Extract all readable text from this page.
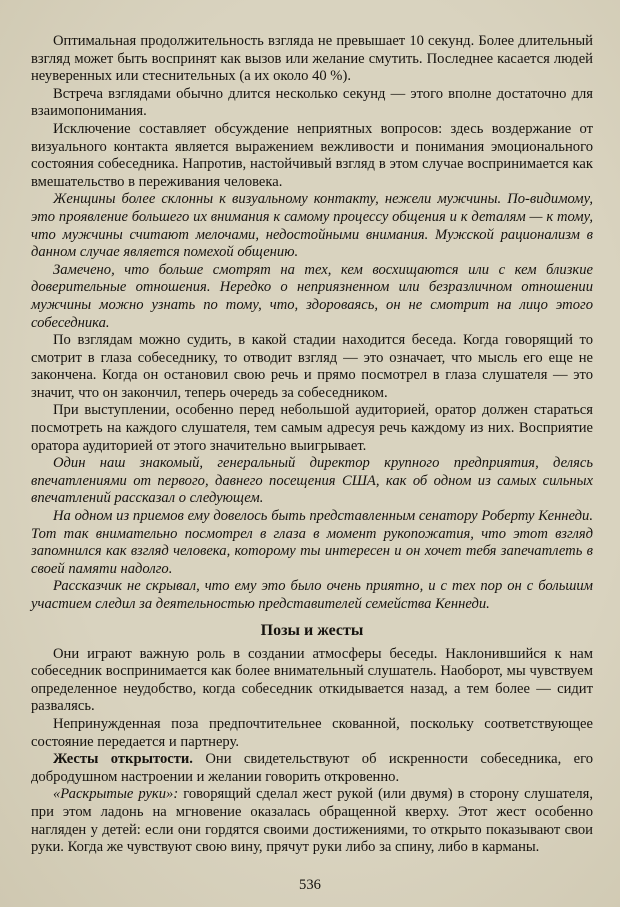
Оптимальная продолжительность взгляда не превышает 10 секунд. Более длительный взгляд может быть воспринят как вызов или желание смутить. Последнее касается людей неуверенных или стеснительных (а их около 40 %).

Встреча взглядами обычно длится несколько секунд — этого вполне достаточно для взаимопонимания.

Исключение составляет обсуждение неприятных вопросов: здесь воздержание от визуального контакта является выражением вежливости и понимания эмоционального состояния собеседника. Напротив, настойчивый взгляд в этом случае воспринимается как вмешательство в переживания человека.

Женщины более склонны к визуальному контакту, нежели мужчины. По-видимому, это проявление большего их внимания к самому процессу общения и к деталям — к тому, что мужчины считают мелочами, недостойными внимания. Мужской рационализм в данном случае является помехой общению.

Замечено, что больше смотрят на тех, кем восхищаются или с кем близкие доверительные отношения. Нередко о неприязненном или безразличном отношении мужчины можно узнать по тому, что, здороваясь, он не смотрит на лицо этого собеседника.

По взглядам можно судить, в какой стадии находится беседа. Когда говорящий то смотрит в глаза собеседнику, то отводит взгляд — это означает, что мысль его еще не закончена. Когда он остановил свою речь и прямо посмотрел в глаза слушателя — это значит, что он закончил, теперь очередь за собеседником.

При выступлении, особенно перед небольшой аудиторией, оратор должен стараться посмотреть на каждого слушателя, тем самым адресуя речь каждому из них. Восприятие оратора аудиторией от этого значительно выигрывает.

Один наш знакомый, генеральный директор крупного предприятия, делясь впечатлениями от первого, давнего посещения США, как об одном из самых сильных впечатлений рассказал о следующем.

На одном из приемов ему довелось быть представленным сенатору Роберту Кеннеди. Тот так внимательно посмотрел в глаза в момент рукопожатия, что этот взгляд запомнился как взгляд человека, которому ты интересен и он хочет тебя запечатлеть в своей памяти надолго.

Рассказчик не скрывал, что ему это было очень приятно, и с тех пор он с большим участием следил за деятельностью представителей семейства Кеннеди.

Позы и жесты

Они играют важную роль в создании атмосферы беседы. Наклонившийся к нам собеседник воспринимается как более внимательный слушатель. Наоборот, мы чувствуем определенное неудобство, когда собеседник откидывается назад, а тем более — сидит развалясь.

Непринужденная поза предпочтительнее скованной, поскольку соответствующее состояние передается и партнеру.

Жесты открытости. Они свидетельствуют об искренности собеседника, его добродушном настроении и желании говорить откровенно.

«Раскрытые руки»: говорящий сделал жест рукой (или двумя) в сторону слушателя, при этом ладонь на мгновение оказалась обращенной кверху. Этот жест особенно нагляден у детей: если они гордятся своими достижениями, то открыто показывают свои руки. Когда же чувствуют свою вину, прячут руки либо за спину, либо в карманы.

536
